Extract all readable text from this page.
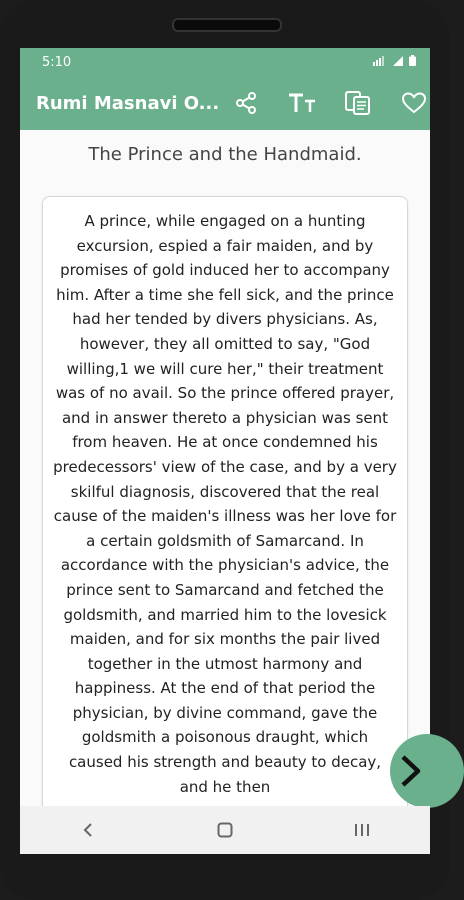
5:10
Rumi Masnavi O...
The Prince and the Handmaid.
A prince, while engaged on a hunting excursion, espied a fair maiden, and by promises of gold induced her to accompany him. After a time she fell sick, and the prince had her tended by divers physicians. As, however, they all omitted to say, "God willing,1 we will cure her," their treatment was of no avail. So the prince offered prayer, and in answer thereto a physician was sent from heaven. He at once condemned his predecessors' view of the case, and by a very skilful diagnosis, discovered that the real cause of the maiden's illness was her love for a certain goldsmith of Samarcand. In accordance with the physician's advice, the prince sent to Samarcand and fetched the goldsmith, and married him to the lovesick maiden, and for six months the pair lived together in the utmost harmony and happiness. At the end of that period the physician, by divine command, gave the goldsmith a poisonous draught, which caused his strength and beauty to decay, and he then
